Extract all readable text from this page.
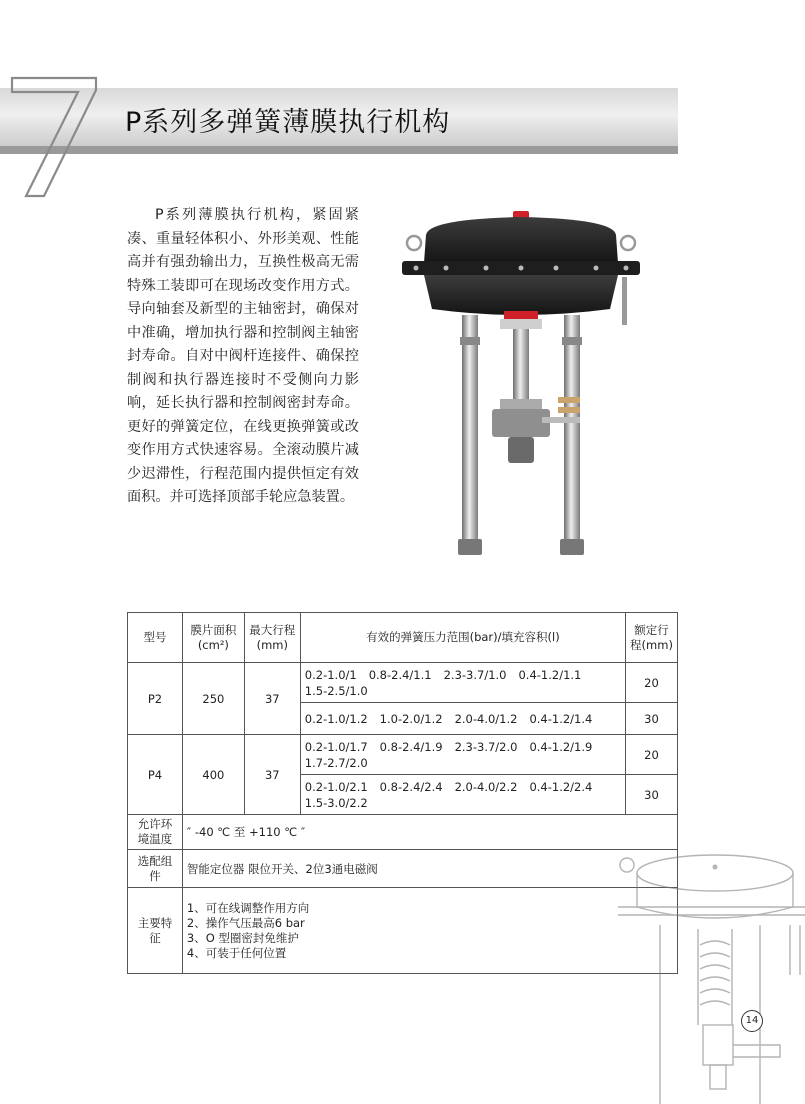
P系列多弹簧薄膜执行机构
P系列薄膜执行机构，紧固紧凑、重量轻体积小、外形美观、性能高并有强劲输出力，互换性极高无需特殊工装即可在现场改变作用方式。导向轴套及新型的主轴密封，确保对中准确，增加执行器和控制阀主轴密封寿命。自对中阀杆连接件、确保控制阀和执行器连接时不受侧向力影响，延长执行器和控制阀密封寿命。更好的弹簧定位，在线更换弹簧或改变作用方式快速容易。全滚动膜片减少迟滞性，行程范围内提供恒定有效面积。并可选择顶部手轮应急装置。
型号	膜片面积(cm²)	最大行程(mm)	有效的弹簧压力范围(bar)/填充容积(l)	额定行程(mm)
P2	250	37	0.2-1.0/1 0.8-2.4/1.1 2.3-3.7/1.0 0.4-1.2/1.1
1.5-2.5/1.0	20
			0.2-1.0/1.2 1.0-2.0/1.2 2.0-4.0/1.2 0.4-1.2/1.4	30
P4	400	37	0.2-1.0/1.7 0.8-2.4/1.9 2.3-3.7/2.0 0.4-1.2/1.9
1.7-2.7/2.0	20
			0.2-1.0/2.1 0.8-2.4/2.4 2.0-4.0/2.2 0.4-1.2/2.4
1.5-3.0/2.2	30
允许环境温度	″ -40 ℃ 至 +110 ℃ ″			
选配组件	智能定位器 限位开关、2位3通电磁阀			
主要特征	1、可在线调整作用方向
2、操作气压最高6 bar
3、O 型圈密封免维护
4、可装于任何位置			
14
